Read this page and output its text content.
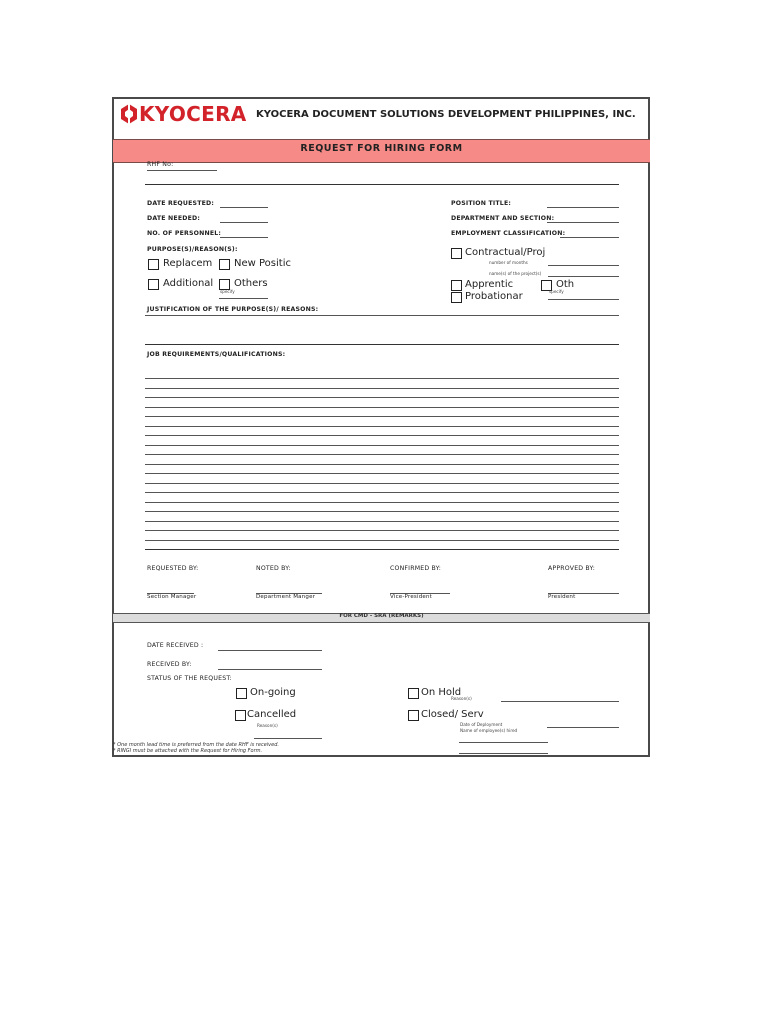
KYOCERA KYOCERA DOCUMENT SOLUTIONS DEVELOPMENT PHILIPPINES, INC.
REQUEST FOR HIRING FORM
RHF No:
DATE REQUESTED:
DATE NEEDED:
NO. OF PERSONNEL:
PURPOSE(S)/REASON(S):
Replacem New Positic
Additional Others
specify
POSITION TITLE:
DEPARTMENT AND SECTION:
EMPLOYMENT CLASSIFICATION:
Contractual/Proj
number of months
name(s) of the project(s)
Apprentic	Oth
specify
Probationar
JUSTIFICATION OF THE PURPOSE(S)/ REASONS:
JOB REQUIREMENTS/QUALIFICATIONS:
REQUESTED BY:	NOTED BY:	CONFIRMED BY:	APPROVED BY:
Section Manager	Department Manger	Vice-President	President
FOR CMD - SRA (REMARKS)
DATE RECEIVED :
RECEIVED BY:
STATUS OF THE REQUEST:
On-going	On Hold
Reason(s)
Cancelled
Reason(s)
Closed/ Serv
Date of Deployment
Name of employee(s) hired
* One month lead time is preferred from the date RHF is received.
* RINGI must be attached with the Request for Hiring Form.
